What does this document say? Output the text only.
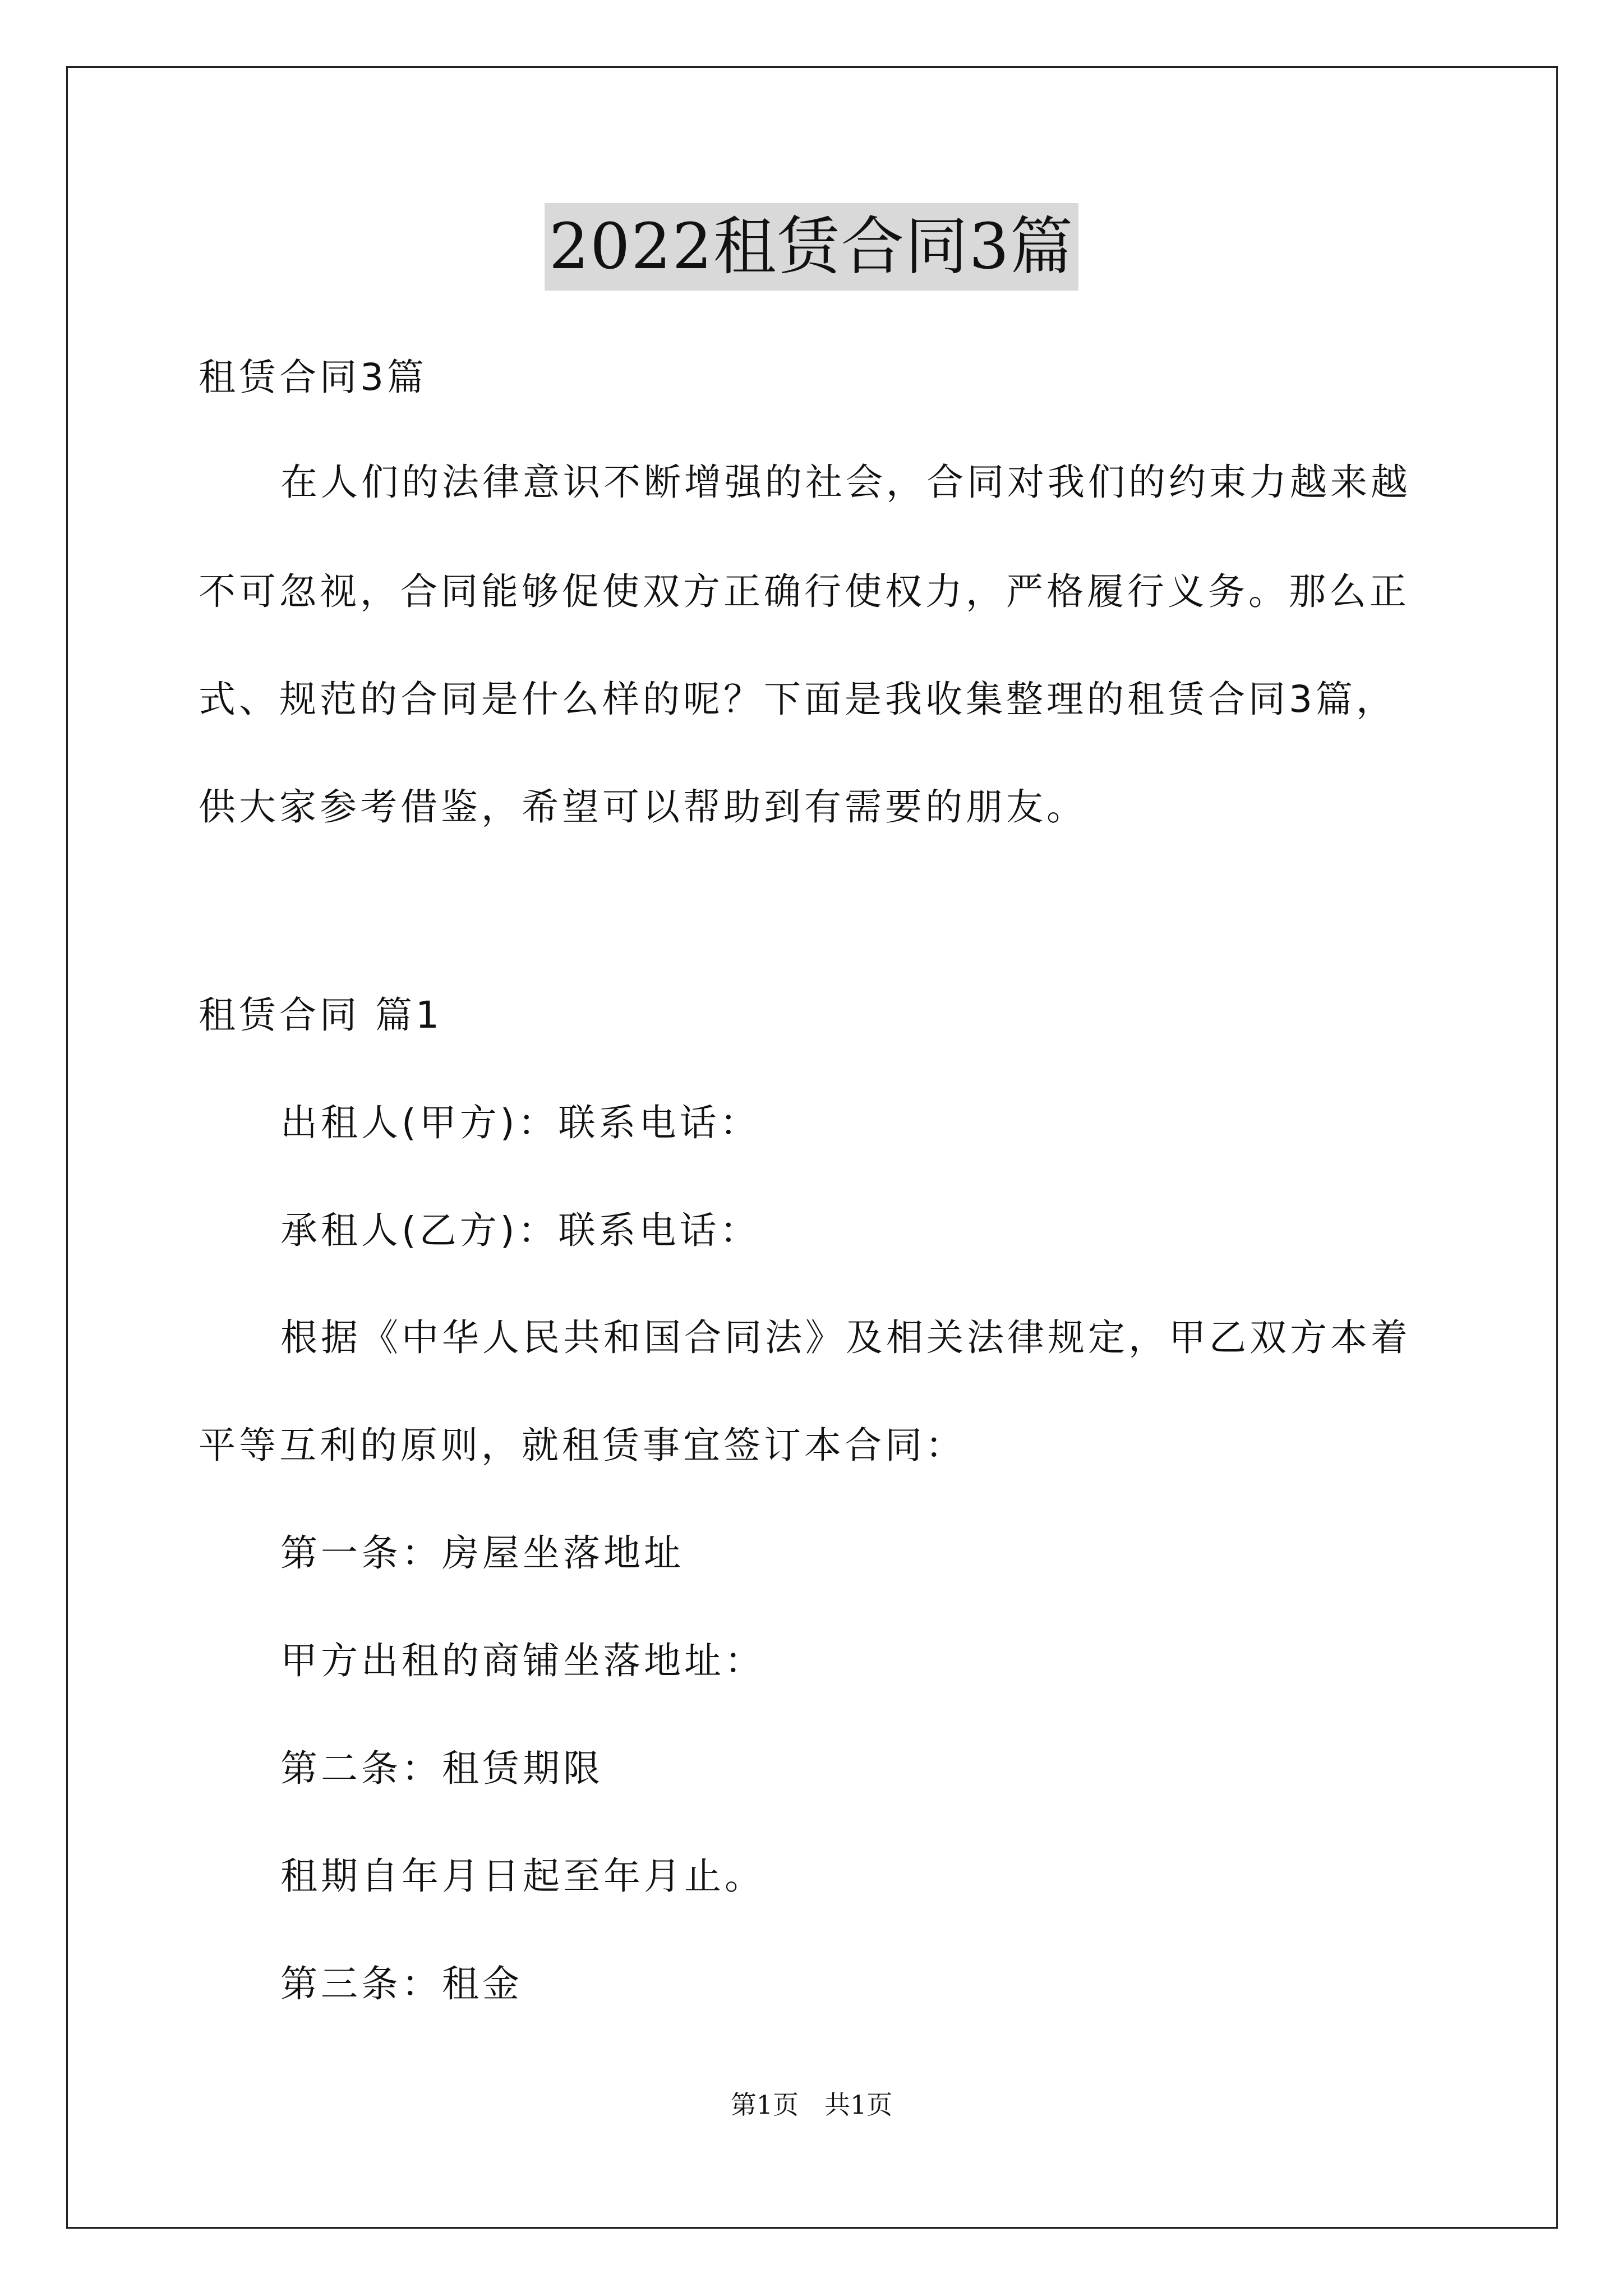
2022租赁合同3篇
租赁合同3篇
在人们的法律意识不断增强的社会，合同对我们的约束力越来越
不可忽视，合同能够促使双方正确行使权力，严格履行义务。那么正
式、规范的合同是什么样的呢？下面是我收集整理的租赁合同3篇，
供大家参考借鉴，希望可以帮助到有需要的朋友。
租赁合同 篇1
出租人(甲方)：联系电话：
承租人(乙方)：联系电话：
根据《中华人民共和国合同法》及相关法律规定，甲乙双方本着
平等互利的原则，就租赁事宜签订本合同：
第一条：房屋坐落地址
甲方出租的商铺坐落地址：
第二条：租赁期限
租期自年月日起至年月止。
第三条：租金
第1页　共1页
